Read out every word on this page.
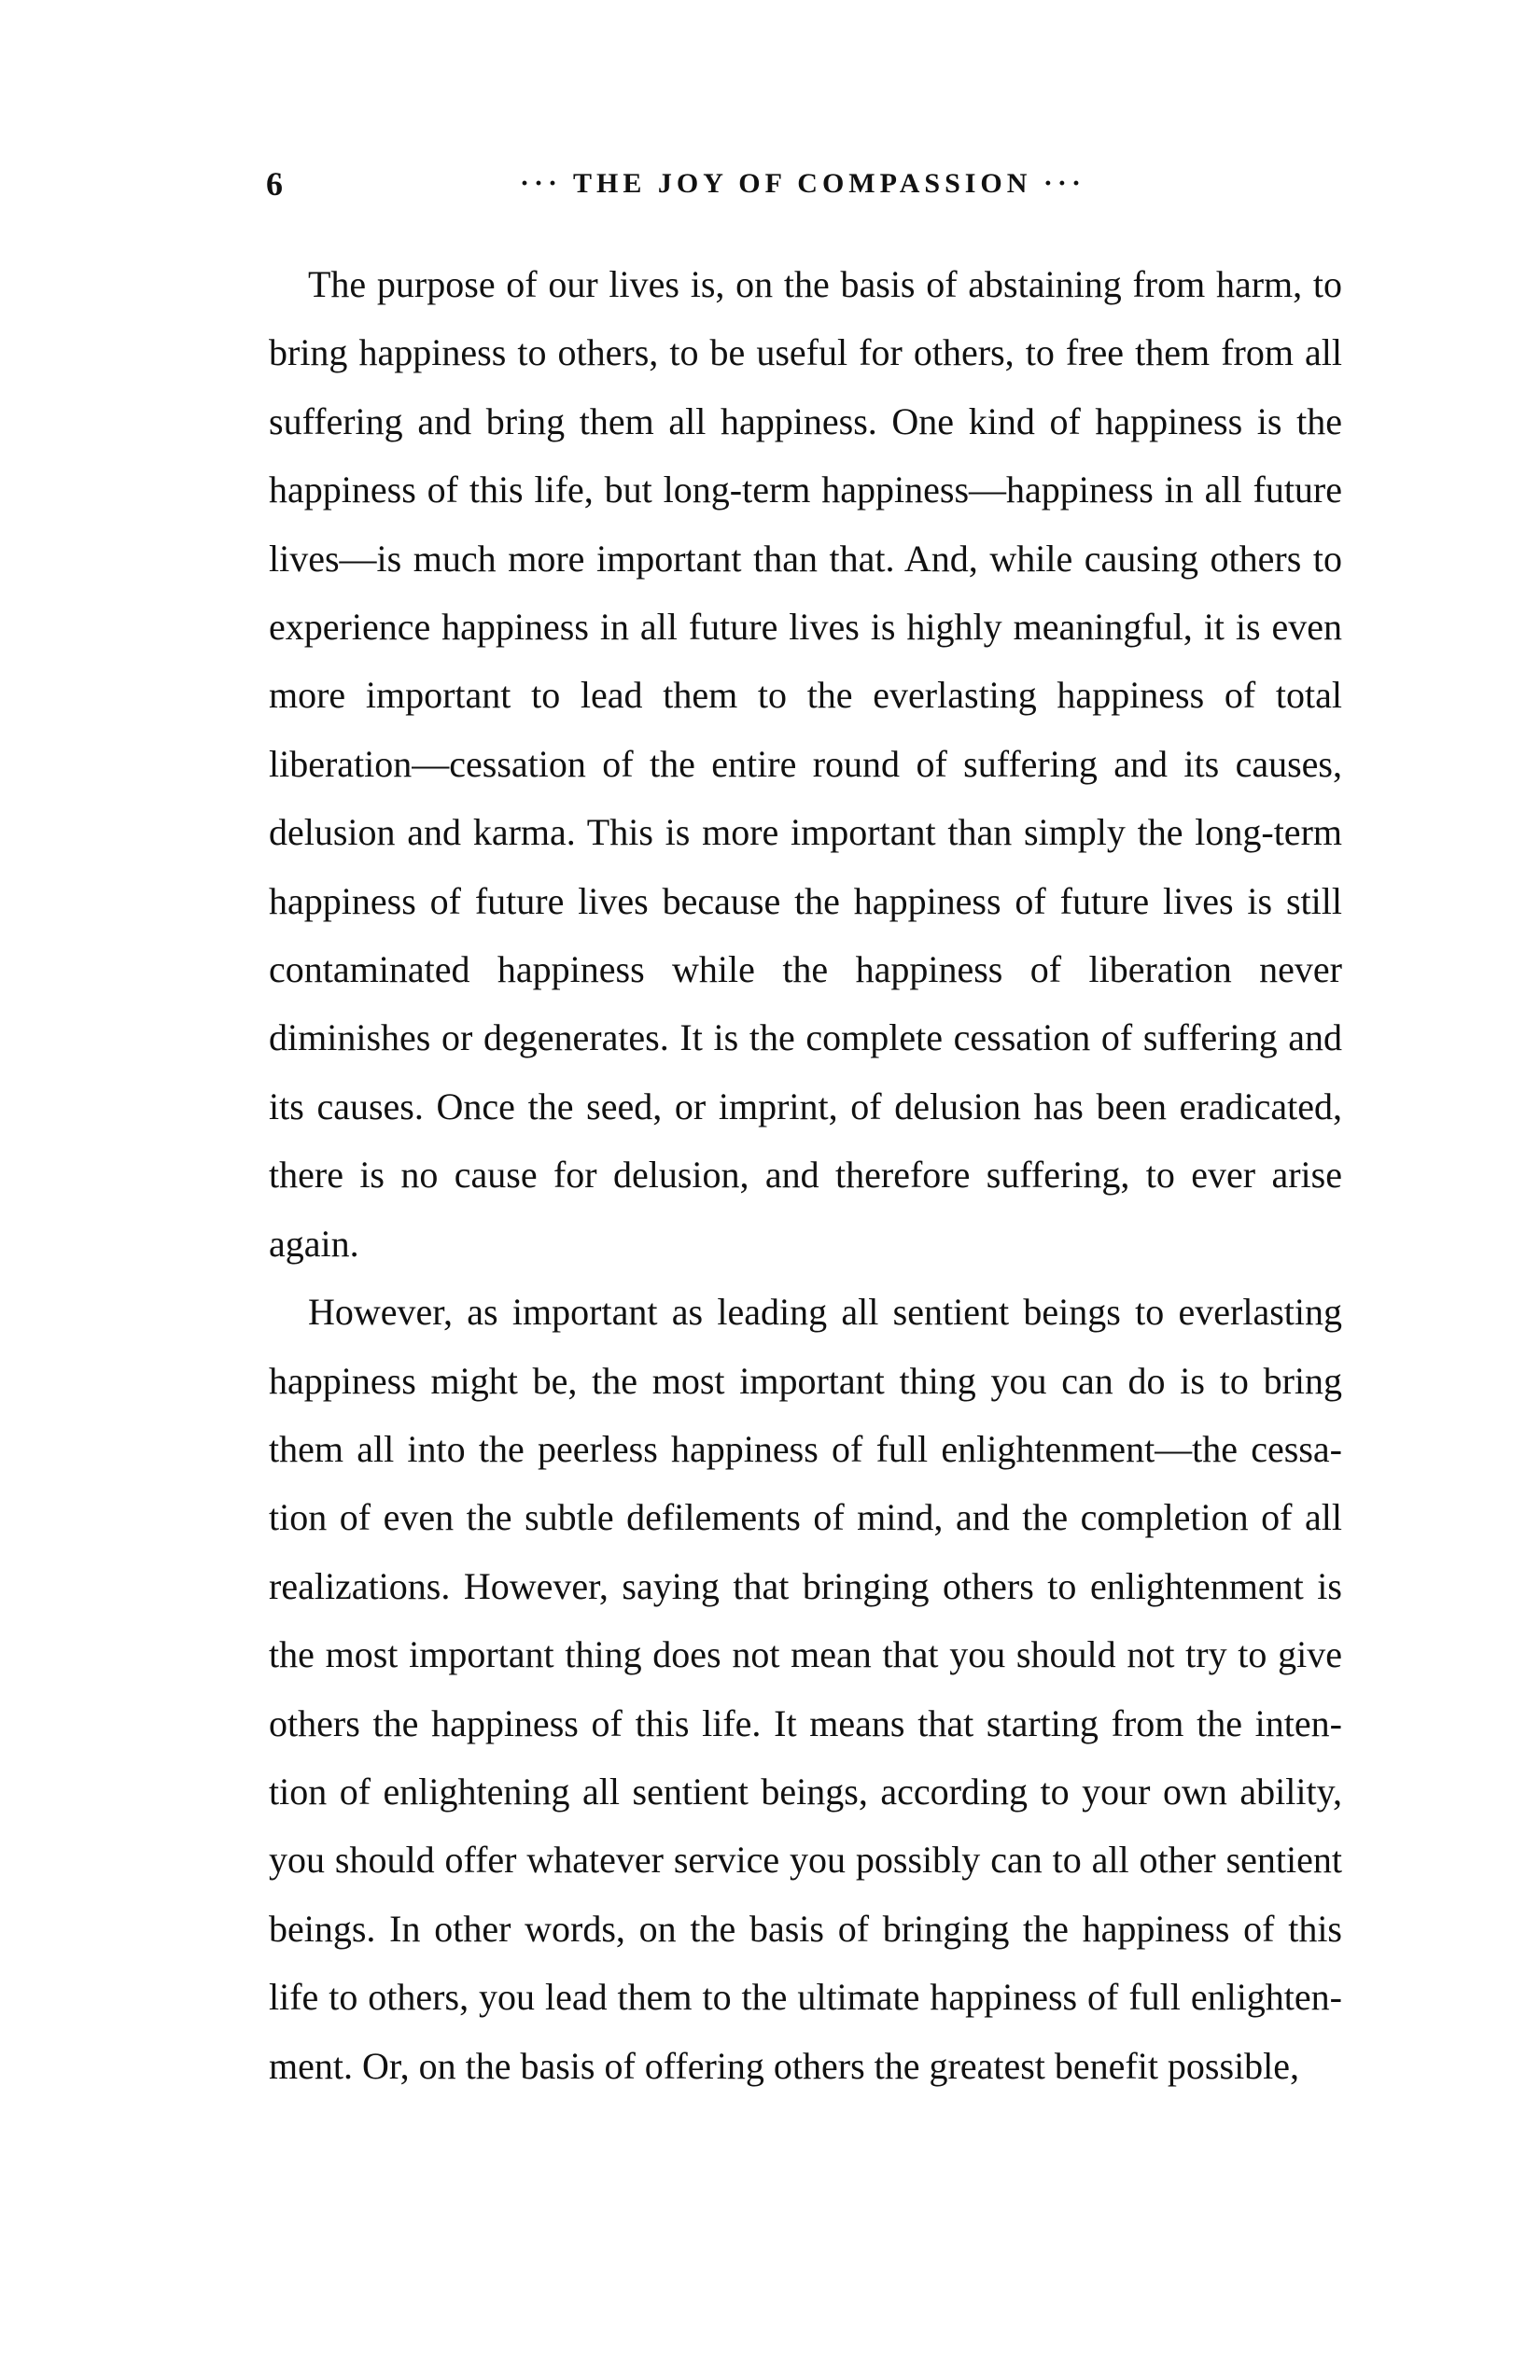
6	··· THE JOY OF COMPASSION ···

The purpose of our lives is, on the basis of abstaining from harm, to bring happiness to others, to be useful for others, to free them from all suffering and bring them all happiness. One kind of happiness is the happiness of this life, but long-term happiness—happiness in all future lives—is much more important than that. And, while causing others to experience happiness in all future lives is highly meaningful, it is even more important to lead them to the everlasting happiness of total liberation—cessation of the entire round of suffering and its causes, delusion and karma. This is more important than simply the long-term happiness of future lives because the happiness of future lives is still contaminated happiness while the happiness of liberation never diminishes or degenerates. It is the complete cessation of suffering and its causes. Once the seed, or imprint, of delusion has been eradicated, there is no cause for delusion, and therefore suffering, to ever arise again.

However, as important as leading all sentient beings to everlasting happiness might be, the most important thing you can do is to bring them all into the peerless happiness of full enlightenment—the cessation of even the subtle defilements of mind, and the completion of all realizations. However, saying that bringing others to enlightenment is the most important thing does not mean that you should not try to give others the happiness of this life. It means that starting from the intention of enlightening all sentient beings, according to your own ability, you should offer whatever service you possibly can to all other sentient beings. In other words, on the basis of bringing the happiness of this life to others, you lead them to the ultimate happiness of full enlightenment. Or, on the basis of offering others the greatest benefit possible,
